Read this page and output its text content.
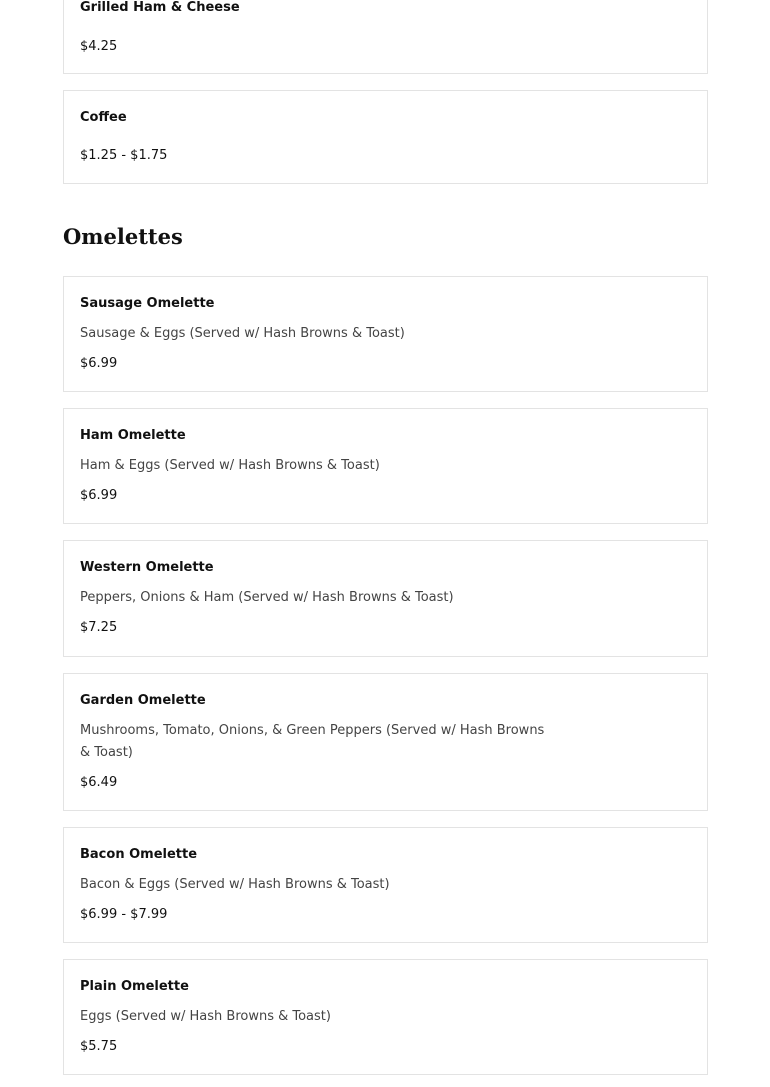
Grilled Ham & Cheese
$4.25
Coffee
$1.25 - $1.75
Omelettes
Sausage Omelette
Sausage & Eggs (Served w/ Hash Browns & Toast)
$6.99
Ham Omelette
Ham & Eggs (Served w/ Hash Browns & Toast)
$6.99
Western Omelette
Peppers, Onions & Ham (Served w/ Hash Browns & Toast)
$7.25
Garden Omelette
Mushrooms, Tomato, Onions, & Green Peppers (Served w/ Hash Browns & Toast)
$6.49
Bacon Omelette
Bacon & Eggs (Served w/ Hash Browns & Toast)
$6.99 - $7.99
Plain Omelette
Eggs (Served w/ Hash Browns & Toast)
$5.75
